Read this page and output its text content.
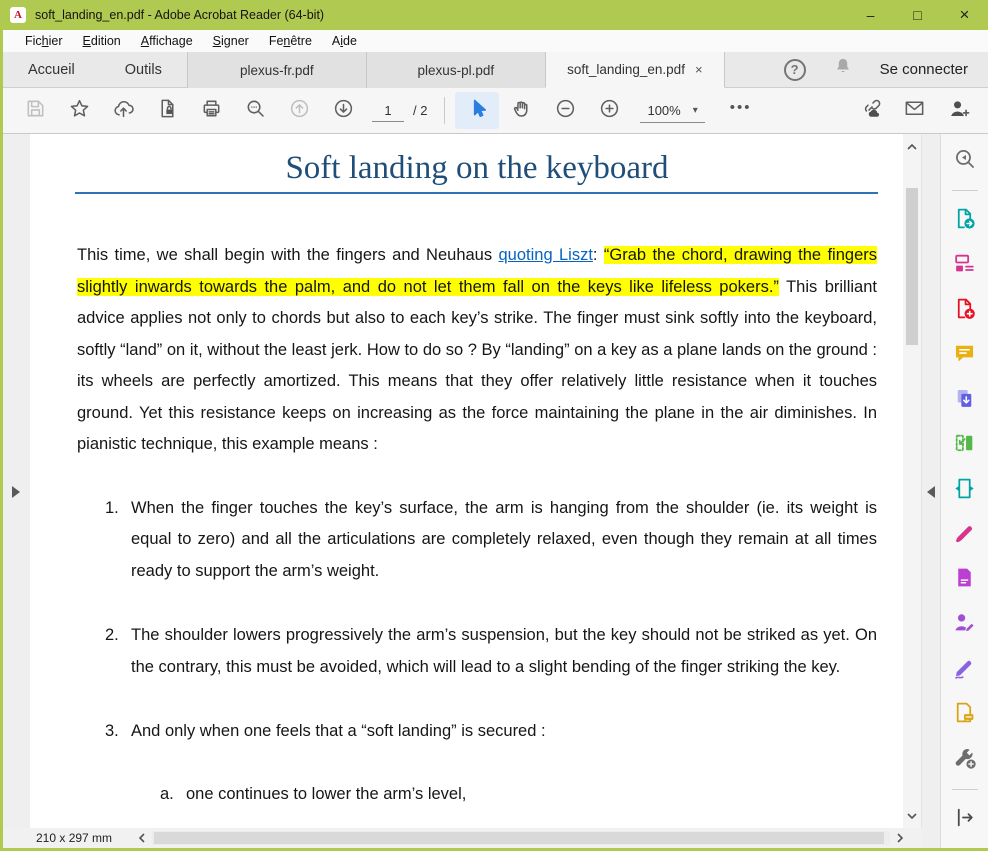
A	soft_landing_en.pdf - Adobe Acrobat Reader (64-bit)	–	□	×
Fichier	Edition	Affichage	Signer	Fenêtre	Aide
Accueil	Outils	plexus-fr.pdf	plexus-pl.pdf	soft_landing_en.pdf ×	?	Se connecter
1	/ 2	100% ▾ •••
Soft landing on the keyboard
This time, we shall begin with the fingers and Neuhaus quoting Liszt: “Grab the chord, drawing the fingers slightly inwards towards the palm, and do not let them fall on the keys like lifeless pokers.” This brilliant advice applies not only to chords but also to each key’s strike. The finger must sink softly into the keyboard, softly “land” on it, without the least jerk. How to do so ? By “landing” on a key as a plane lands on the ground : its wheels are perfectly amortized. This means that they offer relatively little resistance when it touches ground. Yet this resistance keeps on increasing as the force maintaining the plane in the air diminishes. In pianistic technique, this example means :
1. When the finger touches the key’s surface, the arm is hanging from the shoulder (ie. its weight is equal to zero) and all the articulations are completely relaxed, even though they remain at all times ready to support the arm’s weight.
2. The shoulder lowers progressively the arm’s suspension, but the key should not be striked as yet. On the contrary, this must be avoided, which will lead to a slight bending of the finger striking the key.
3. And only when one feels that a “soft landing” is secured :
a. one continues to lower the arm’s level,
210 x 297 mm
